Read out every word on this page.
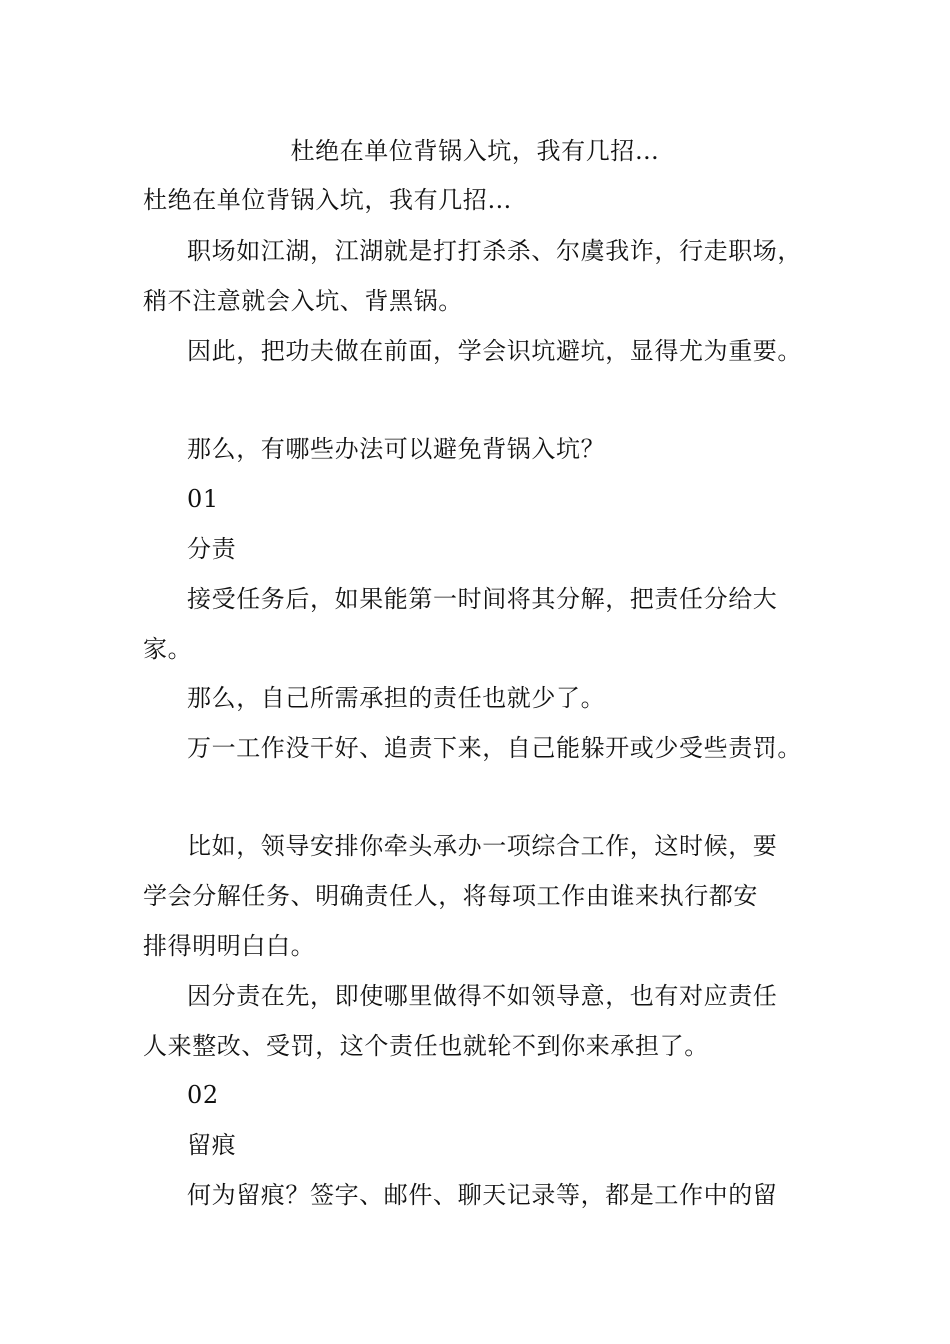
杜绝在单位背锅入坑，我有几招…
杜绝在单位背锅入坑，我有几招…
职场如江湖，江湖就是打打杀杀、尔虞我诈，行走职场，
稍不注意就会入坑、背黑锅。
因此，把功夫做在前面，学会识坑避坑，显得尤为重要。
那么，有哪些办法可以避免背锅入坑？
01
分责
接受任务后，如果能第一时间将其分解，把责任分给大
家。
那么，自己所需承担的责任也就少了。
万一工作没干好、追责下来，自己能躲开或少受些责罚。
比如，领导安排你牵头承办一项综合工作，这时候，要
学会分解任务、明确责任人，将每项工作由谁来执行都安
排得明明白白。
因分责在先，即使哪里做得不如领导意，也有对应责任
人来整改、受罚，这个责任也就轮不到你来承担了。
02
留痕
何为留痕？签字、邮件、聊天记录等，都是工作中的留
